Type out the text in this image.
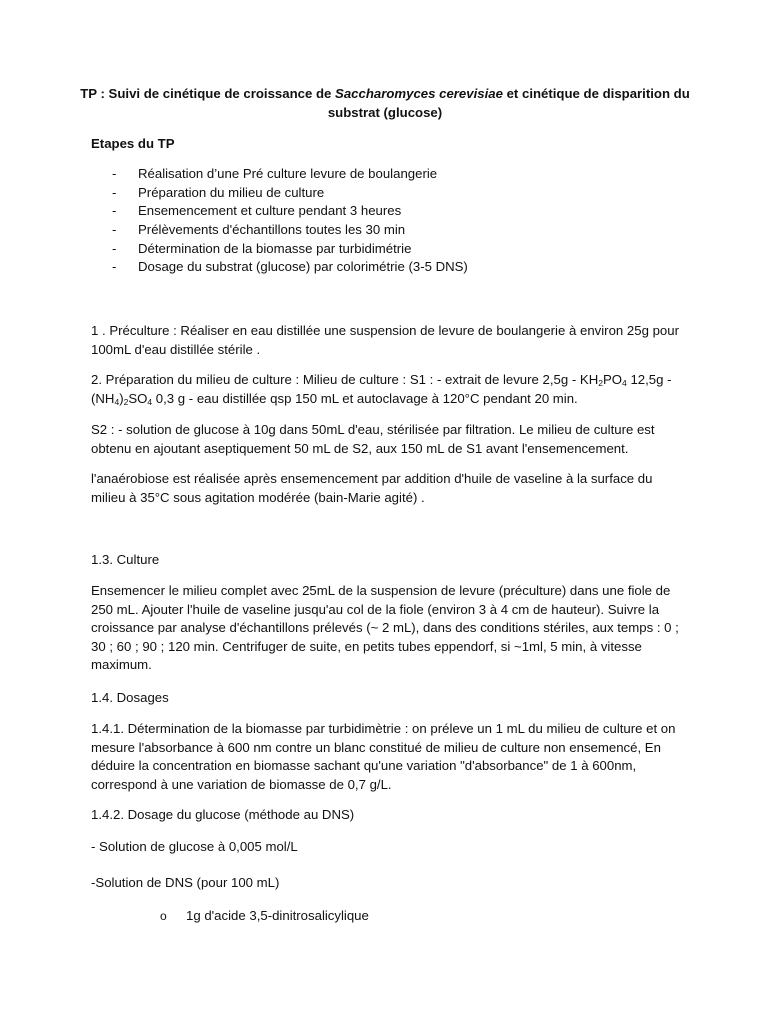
TP : Suivi de cinétique de croissance de Saccharomyces cerevisiae et cinétique de disparition du substrat (glucose)
Etapes du TP
- Réalisation d’une Pré culture levure de boulangerie
- Préparation du milieu de culture
- Ensemencement et culture pendant 3 heures
- Prélèvements d'échantillons toutes les 30 min
- Détermination de la biomasse par turbidimétrie
- Dosage du substrat (glucose) par colorimétrie (3-5 DNS)

1 . Préculture : Réaliser en eau distillée une suspension de levure de boulangerie à environ 25g pour 100mL d'eau distillée stérile .

2. Préparation du milieu de culture : Milieu de culture : S1 : - extrait de levure $2,5g - KH_2PO_4$ $12,5g - (NH_4)_2SO_4$ 0,3 g - eau distillée qsp 150 mL et autoclavage à 120°C pendant 20 min.

S2 : - solution de glucose à 10g dans 50mL d'eau, stérilisée par filtration. Le milieu de culture est obtenu en ajoutant aseptiquement 50 mL de S2, aux 150 mL de S1 avant l'ensemencement.

l'anaérobiose est réalisée après ensemencement par addition d'huile de vaseline à la surface du milieu à 35°C sous agitation modérée (bain-Marie agité) .

1.3. Culture

Ensemencer le milieu complet avec 25mL de la suspension de levure (préculture) dans une fiole de 250 mL. Ajouter l'huile de vaseline jusqu'au col de la fiole (environ 3 à 4 cm de hauteur). Suivre la croissance par analyse d'échantillons prélevés (~ 2 mL), dans des conditions stériles, aux temps : 0 ; 30 ; 60 ; 90 ; 120 min. Centrifuger de suite, en petits tubes eppendorf, si ~1ml, 5 min, à vitesse maximum.

1.4. Dosages

1.4.1. Détermination de la biomasse par turbidimètrie : on préleve un 1 mL du milieu de culture et on mesure l'absorbance à 600 nm contre un blanc constitué de milieu de culture non ensemencé, En déduire la concentration en biomasse sachant qu'une variation "d'absorbance" de 1 à 600nm, correspond à une variation de biomasse de 0,7 g/L.

1.4.2. Dosage du glucose (méthode au DNS)

- Solution de glucose à 0,005 mol/L

-Solution de DNS (pour 100 mL)

o 1g d'acide 3,5-dinitrosalicylique
